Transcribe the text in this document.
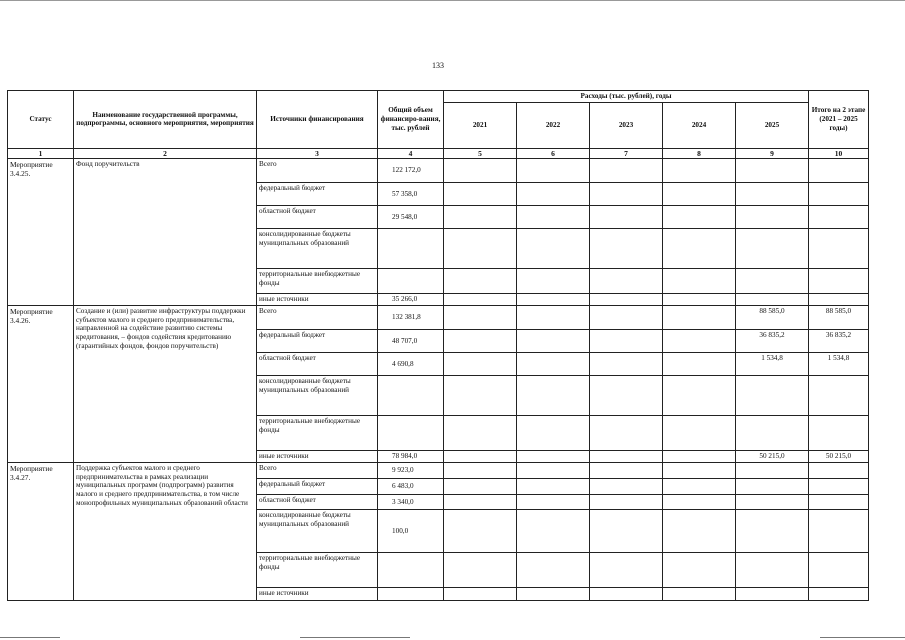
133
Статус	Наименование государственной программы, подпрограммы, основного мероприятия, мероприятия	Источники финансирования	Общий объем финансиро-вания, тыс. рублей	Расходы (тыс. рублей), годы					Итого на 2 этапе (2021 – 2025 годы)
				2021	2022	2023	2024	2025	
1	2	3	4	5	6	7	8	9	10
Мероприятие 3.4.25.	Фонд поручительств	Всего	122 172,0						
		федеральный бюджет	57 358,0						
		областной бюджет	29 548,0						
		консолидированные бюджеты муниципальных образований							
		территориальные внебюджетные фонды							
		иные источники	35 266,0						
Мероприятие 3.4.26.	Создание и (или) развитие инфраструктуры поддержки субъектов малого и среднего предпринимательства, направленной на содействие развитию системы кредитования, – фондов содействия кредитованию (гарантийных фондов, фондов поручительств)	Всего	132 381,8					88 585,0	88 585,0
		федеральный бюджет	48 707,0					36 835,2	36 835,2
		областной бюджет	4 690,8					1 534,8	1 534,8
		консолидированные бюджеты муниципальных образований							
		территориальные внебюджетные фонды							
		иные источники	78 984,0					50 215,0	50 215,0
Мероприятие 3.4.27.	Поддержка субъектов малого и среднего предпринимательства в рамках реализации муниципальных программ (подпрограмм) развития малого и среднего предпринимательства, в том числе монопрофильных муниципальных образований области	Всего	9 923,0						
		федеральный бюджет	6 483,0						
		областной бюджет	3 340,0						
		консолидированные бюджеты муниципальных образований	100,0						
		территориальные внебюджетные фонды							
		иные источники							
